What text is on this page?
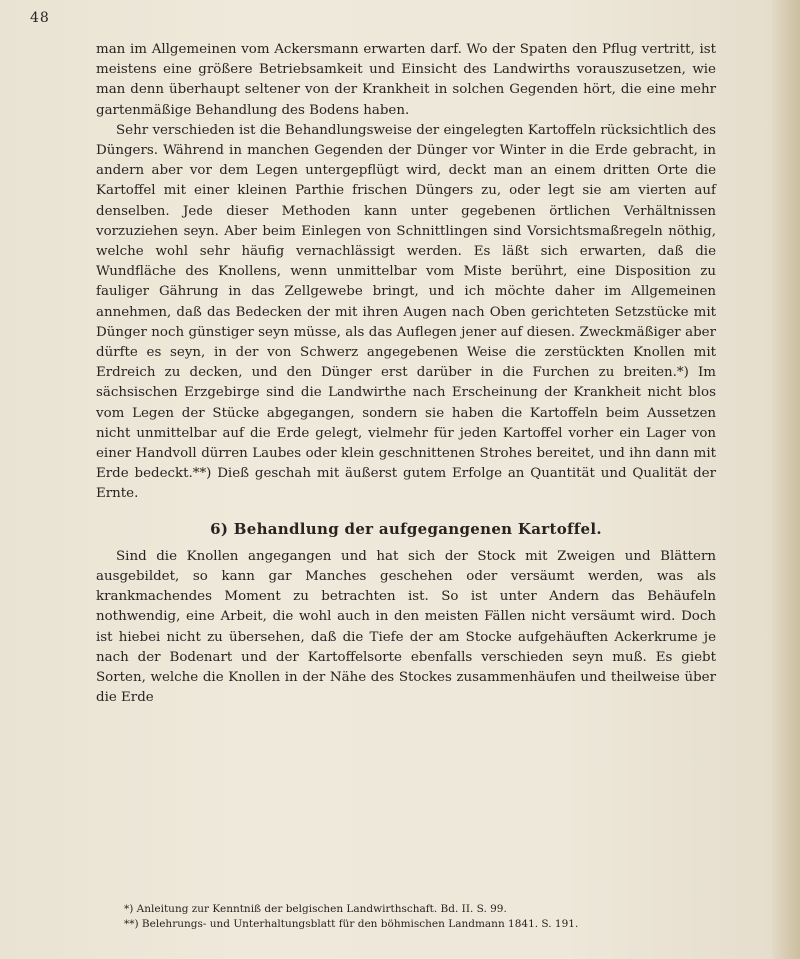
48

man im Allgemeinen vom Ackersmann erwarten darf. Wo der Spaten den Pflug vertritt, ist meistens eine größere Betriebsamkeit und Einsicht des Landwirths vorauszusetzen, wie man denn überhaupt seltener von der Krankheit in solchen Gegenden hört, die eine mehr gartenmäßige Behandlung des Bodens haben.

Sehr verschieden ist die Behandlungsweise der eingelegten Kartoffeln rücksichtlich des Düngers. Während in manchen Gegenden der Dünger vor Winter in die Erde gebracht, in andern aber vor dem Legen untergepflügt wird, deckt man an einem dritten Orte die Kartoffel mit einer kleinen Parthie frischen Düngers zu, oder legt sie am vierten auf denselben. Jede dieser Methoden kann unter gegebenen örtlichen Verhältnissen vorzuziehen seyn. Aber beim Einlegen von Schnittlingen sind Vorsichtsmaßregeln nöthig, welche wohl sehr häufig vernachlässigt werden. Es läßt sich erwarten, daß die Wundfläche des Knollens, wenn unmittelbar vom Miste berührt, eine Disposition zu fauliger Gährung in das Zellgewebe bringt, und ich möchte daher im Allgemeinen annehmen, daß das Bedecken der mit ihren Augen nach Oben gerichteten Setzstücke mit Dünger noch günstiger seyn müsse, als das Auflegen jener auf diesen. Zweckmäßiger aber dürfte es seyn, in der von Schwerz angegebenen Weise die zerstückten Knollen mit Erdreich zu decken, und den Dünger erst darüber in die Furchen zu breiten.*) Im sächsischen Erzgebirge sind die Landwirthe nach Erscheinung der Krankheit nicht blos vom Legen der Stücke abgegangen, sondern sie haben die Kartoffeln beim Aussetzen nicht unmittelbar auf die Erde gelegt, vielmehr für jeden Kartoffel vorher ein Lager von einer Handvoll dürren Laubes oder klein geschnittenen Strohes bereitet, und ihn dann mit Erde bedeckt.**) Dieß geschah mit äußerst gutem Erfolge an Quantität und Qualität der Ernte.

6) Behandlung der aufgegangenen Kartoffel.

Sind die Knollen angegangen und hat sich der Stock mit Zweigen und Blättern ausgebildet, so kann gar Manches geschehen oder versäumt werden, was als krankmachendes Moment zu betrachten ist. So ist unter Andern das Behäufeln nothwendig, eine Arbeit, die wohl auch in den meisten Fällen nicht versäumt wird. Doch ist hiebei nicht zu übersehen, daß die Tiefe der am Stocke aufgehäuften Ackerkrume je nach der Bodenart und der Kartoffelsorte ebenfalls verschieden seyn muß. Es giebt Sorten, welche die Knollen in der Nähe des Stockes zusammenhäufen und theilweise über die Erde

*) Anleitung zur Kenntniß der belgischen Landwirthschaft. Bd. II. S. 99.
**) Belehrungs- und Unterhaltungsblatt für den böhmischen Landmann 1841. S. 191.
